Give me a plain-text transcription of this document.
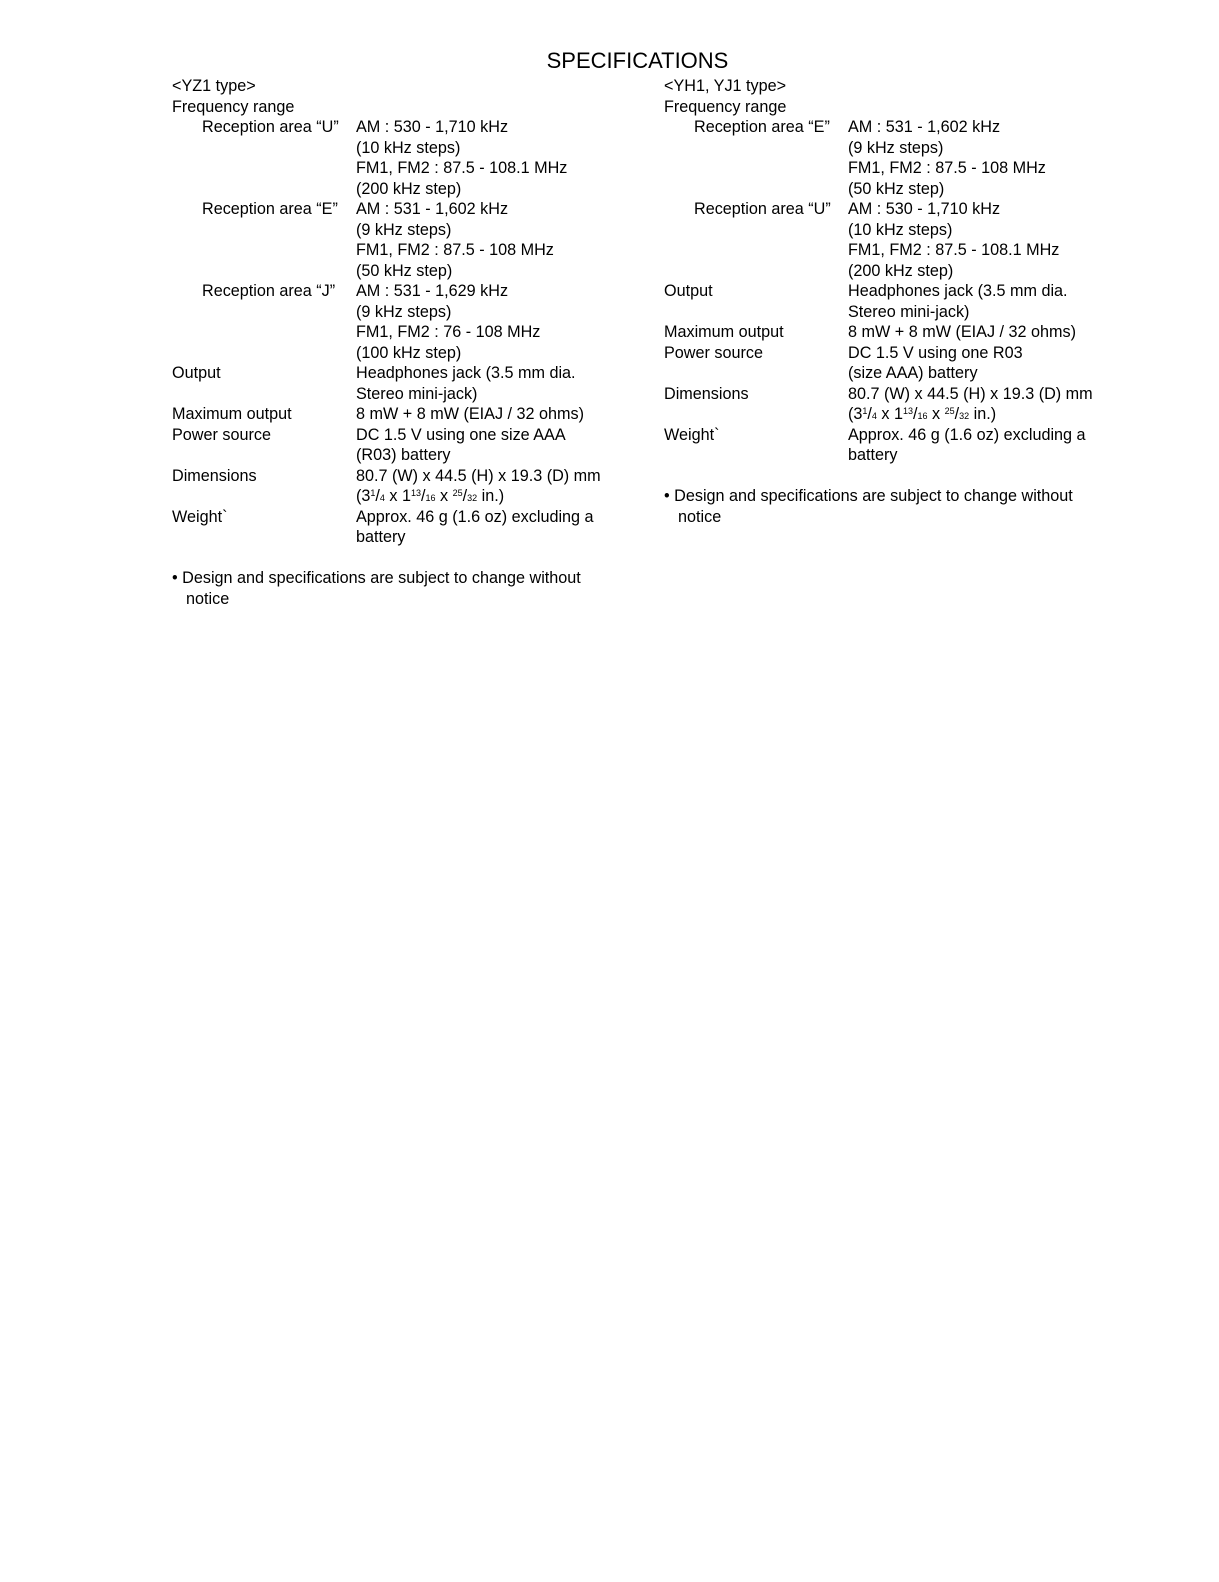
SPECIFICATIONS
<YZ1 type>
Frequency range
Reception area “U”	AM : 530 - 1,710 kHz
(10 kHz steps)
FM1, FM2 : 87.5 - 108.1 MHz
(200 kHz step)
Reception area “E”	AM : 531 - 1,602 kHz
(9 kHz steps)
FM1, FM2 : 87.5 - 108 MHz
(50 kHz step)
Reception area “J”	AM : 531 - 1,629 kHz
(9 kHz steps)
FM1, FM2 : 76 - 108 MHz
(100 kHz step)
Output	Headphones jack (3.5 mm dia.
Stereo mini-jack)
Maximum output	8 mW + 8 mW (EIAJ / 32 ohms)
Power source	DC 1.5 V using one size AAA
(R03) battery
Dimensions	80.7 (W) x 44.5 (H) x 19.3 (D) mm
($3^1/4$ x $1^{13}/16$ x $^{25}$/32 in.)
Weight`	Approx. 46 g (1.6 oz) excluding a
battery
• Design and specifications are subject to change without
notice
<YH1, YJ1 type>
Frequency range
Reception area “E”	AM : 531 - 1,602 kHz
(9 kHz steps)
FM1, FM2 : 87.5 - 108 MHz
(50 kHz step)
Reception area “U”	AM : 530 - 1,710 kHz
(10 kHz steps)
FM1, FM2 : 87.5 - 108.1 MHz
(200 kHz step)
Output	Headphones jack (3.5 mm dia.
Stereo mini-jack)
Maximum output	8 mW + 8 mW (EIAJ / 32 ohms)
Power source	DC 1.5 V using one R03
(size AAA) battery
Dimensions	80.7 (W) x 44.5 (H) x 19.3 (D) mm
($3^1/4$ x $1^{13}/16$ x $^{25}$/32 in.)
Weight`	Approx. 46 g (1.6 oz) excluding a
battery
• Design and specifications are subject to change without
notice
